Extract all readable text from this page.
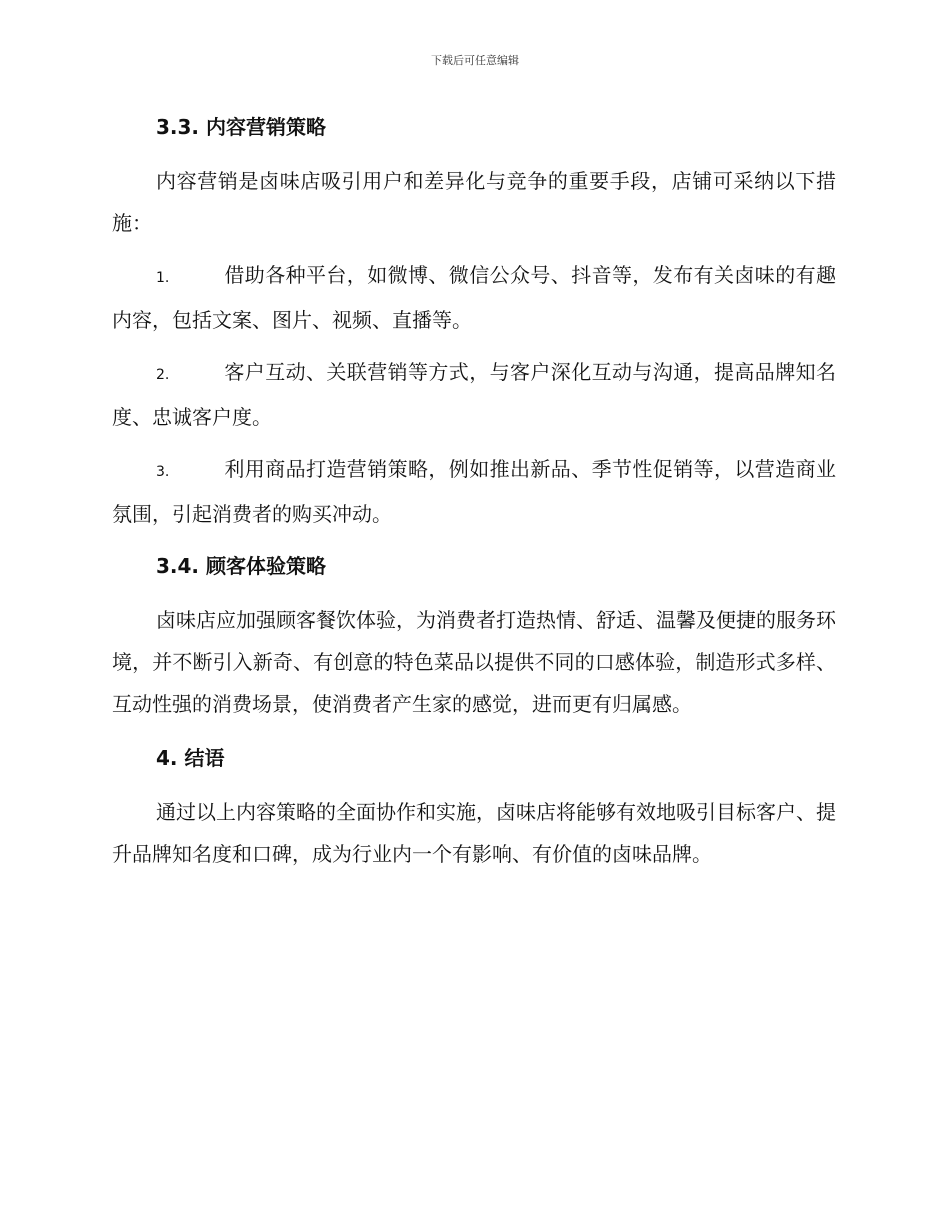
下载后可任意编辑
3.3. 内容营销策略

内容营销是卤味店吸引用户和差异化与竞争的重要手段，店铺可采纳以下措施：

1.	借助各种平台，如微博、微信公众号、抖音等，发布有关卤味的有趣内容，包括文案、图片、视频、直播等。

2.	客户互动、关联营销等方式，与客户深化互动与沟通，提高品牌知名度、忠诚客户度。

3.	利用商品打造营销策略，例如推出新品、季节性促销等，以营造商业氛围，引起消费者的购买冲动。

3.4. 顾客体验策略

卤味店应加强顾客餐饮体验，为消费者打造热情、舒适、温馨及便捷的服务环境，并不断引入新奇、有创意的特色菜品以提供不同的口感体验，制造形式多样、互动性强的消费场景，使消费者产生家的感觉，进而更有归属感。

4. 结语

通过以上内容策略的全面协作和实施，卤味店将能够有效地吸引目标客户、提升品牌知名度和口碑，成为行业内一个有影响、有价值的卤味品牌。
